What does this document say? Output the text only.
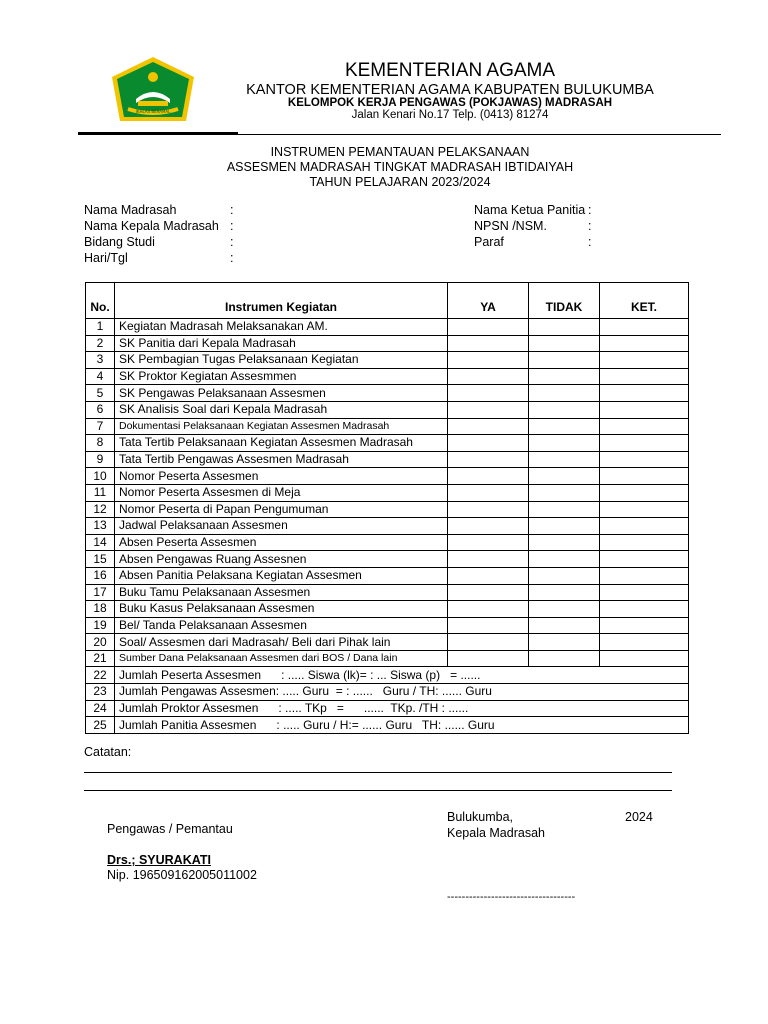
IKHLAS BERAMAL
KEMENTERIAN AGAMA
KANTOR KEMENTERIAN AGAMA KABUPATEN BULUKUMBA
KELOMPOK KERJA PENGAWAS (POKJAWAS) MADRASAH
Jalan Kenari No.17 Telp. (0413) 81274
INSTRUMEN PEMANTAUAN PELAKSANAAN
ASSESMEN MADRASAH TINGKAT MADRASAH IBTIDAIYAH
TAHUN PELAJARAN 2023/2024
Nama Madrasah	:
Nama Kepala Madrasah :
Bidang Studi	:
Hari/Tgl	:
Nama Ketua Panitia :
NPSN /NSM.	:
Paraf	:
No.	Instrumen Kegiatan	YA	TIDAK	KET.
1	Kegiatan Madrasah Melaksanakan AM.			
2	SK Panitia dari Kepala Madrasah			
3	SK Pembagian Tugas Pelaksanaan Kegiatan			
4	SK Proktor Kegiatan Assesmmen			
5	SK Pengawas Pelaksanaan Assesmen			
6	SK Analisis Soal dari Kepala Madrasah			
7	Dokumentasi Pelaksanaan Kegiatan Assesmen Madrasah			
8	Tata Tertib Pelaksanaan Kegiatan Assesmen Madrasah			
9	Tata Tertib Pengawas Assesmen Madrasah			
10	Nomor Peserta Assesmen			
11	Nomor Peserta Assesmen di Meja			
12	Nomor Peserta di Papan Pengumuman			
13	Jadwal Pelaksanaan Assesmen			
14	Absen Peserta Assesmen			
15	Absen Pengawas Ruang Assesnen			
16	Absen Panitia Pelaksana Kegiatan Assesmen			
17	Buku Tamu Pelaksanaan Assesmen			
18	Buku Kasus Pelaksanaan Assesmen			
19	Bel/ Tanda Pelaksanaan Assesmen			
20	Soal/ Assesmen dari Madrasah/ Beli dari Pihak lain			
21	Sumber Dana Pelaksanaan Assesmen dari BOS / Dana lain			
22	Jumlah Peserta Assesmen      : ..... Siswa (lk)= : ... Siswa (p)   = ......			
23	Jumlah Pengawas Assesmen: ..... Guru  = : ......   Guru / TH: ...... Guru			
24	Jumlah Proktor Assesmen      : ..... TKp   =      ......  TKp. /TH : ......			
25	Jumlah Panitia Assesmen      : ..... Guru / H:= ...... Guru   TH: ...... Guru			
Catatan:
Bulukumba,	2024
Kepala Madrasah
Pengawas / Pemantau
Drs.; SYURAKATI
Nip. 196509162005011002
-----------------------------------
